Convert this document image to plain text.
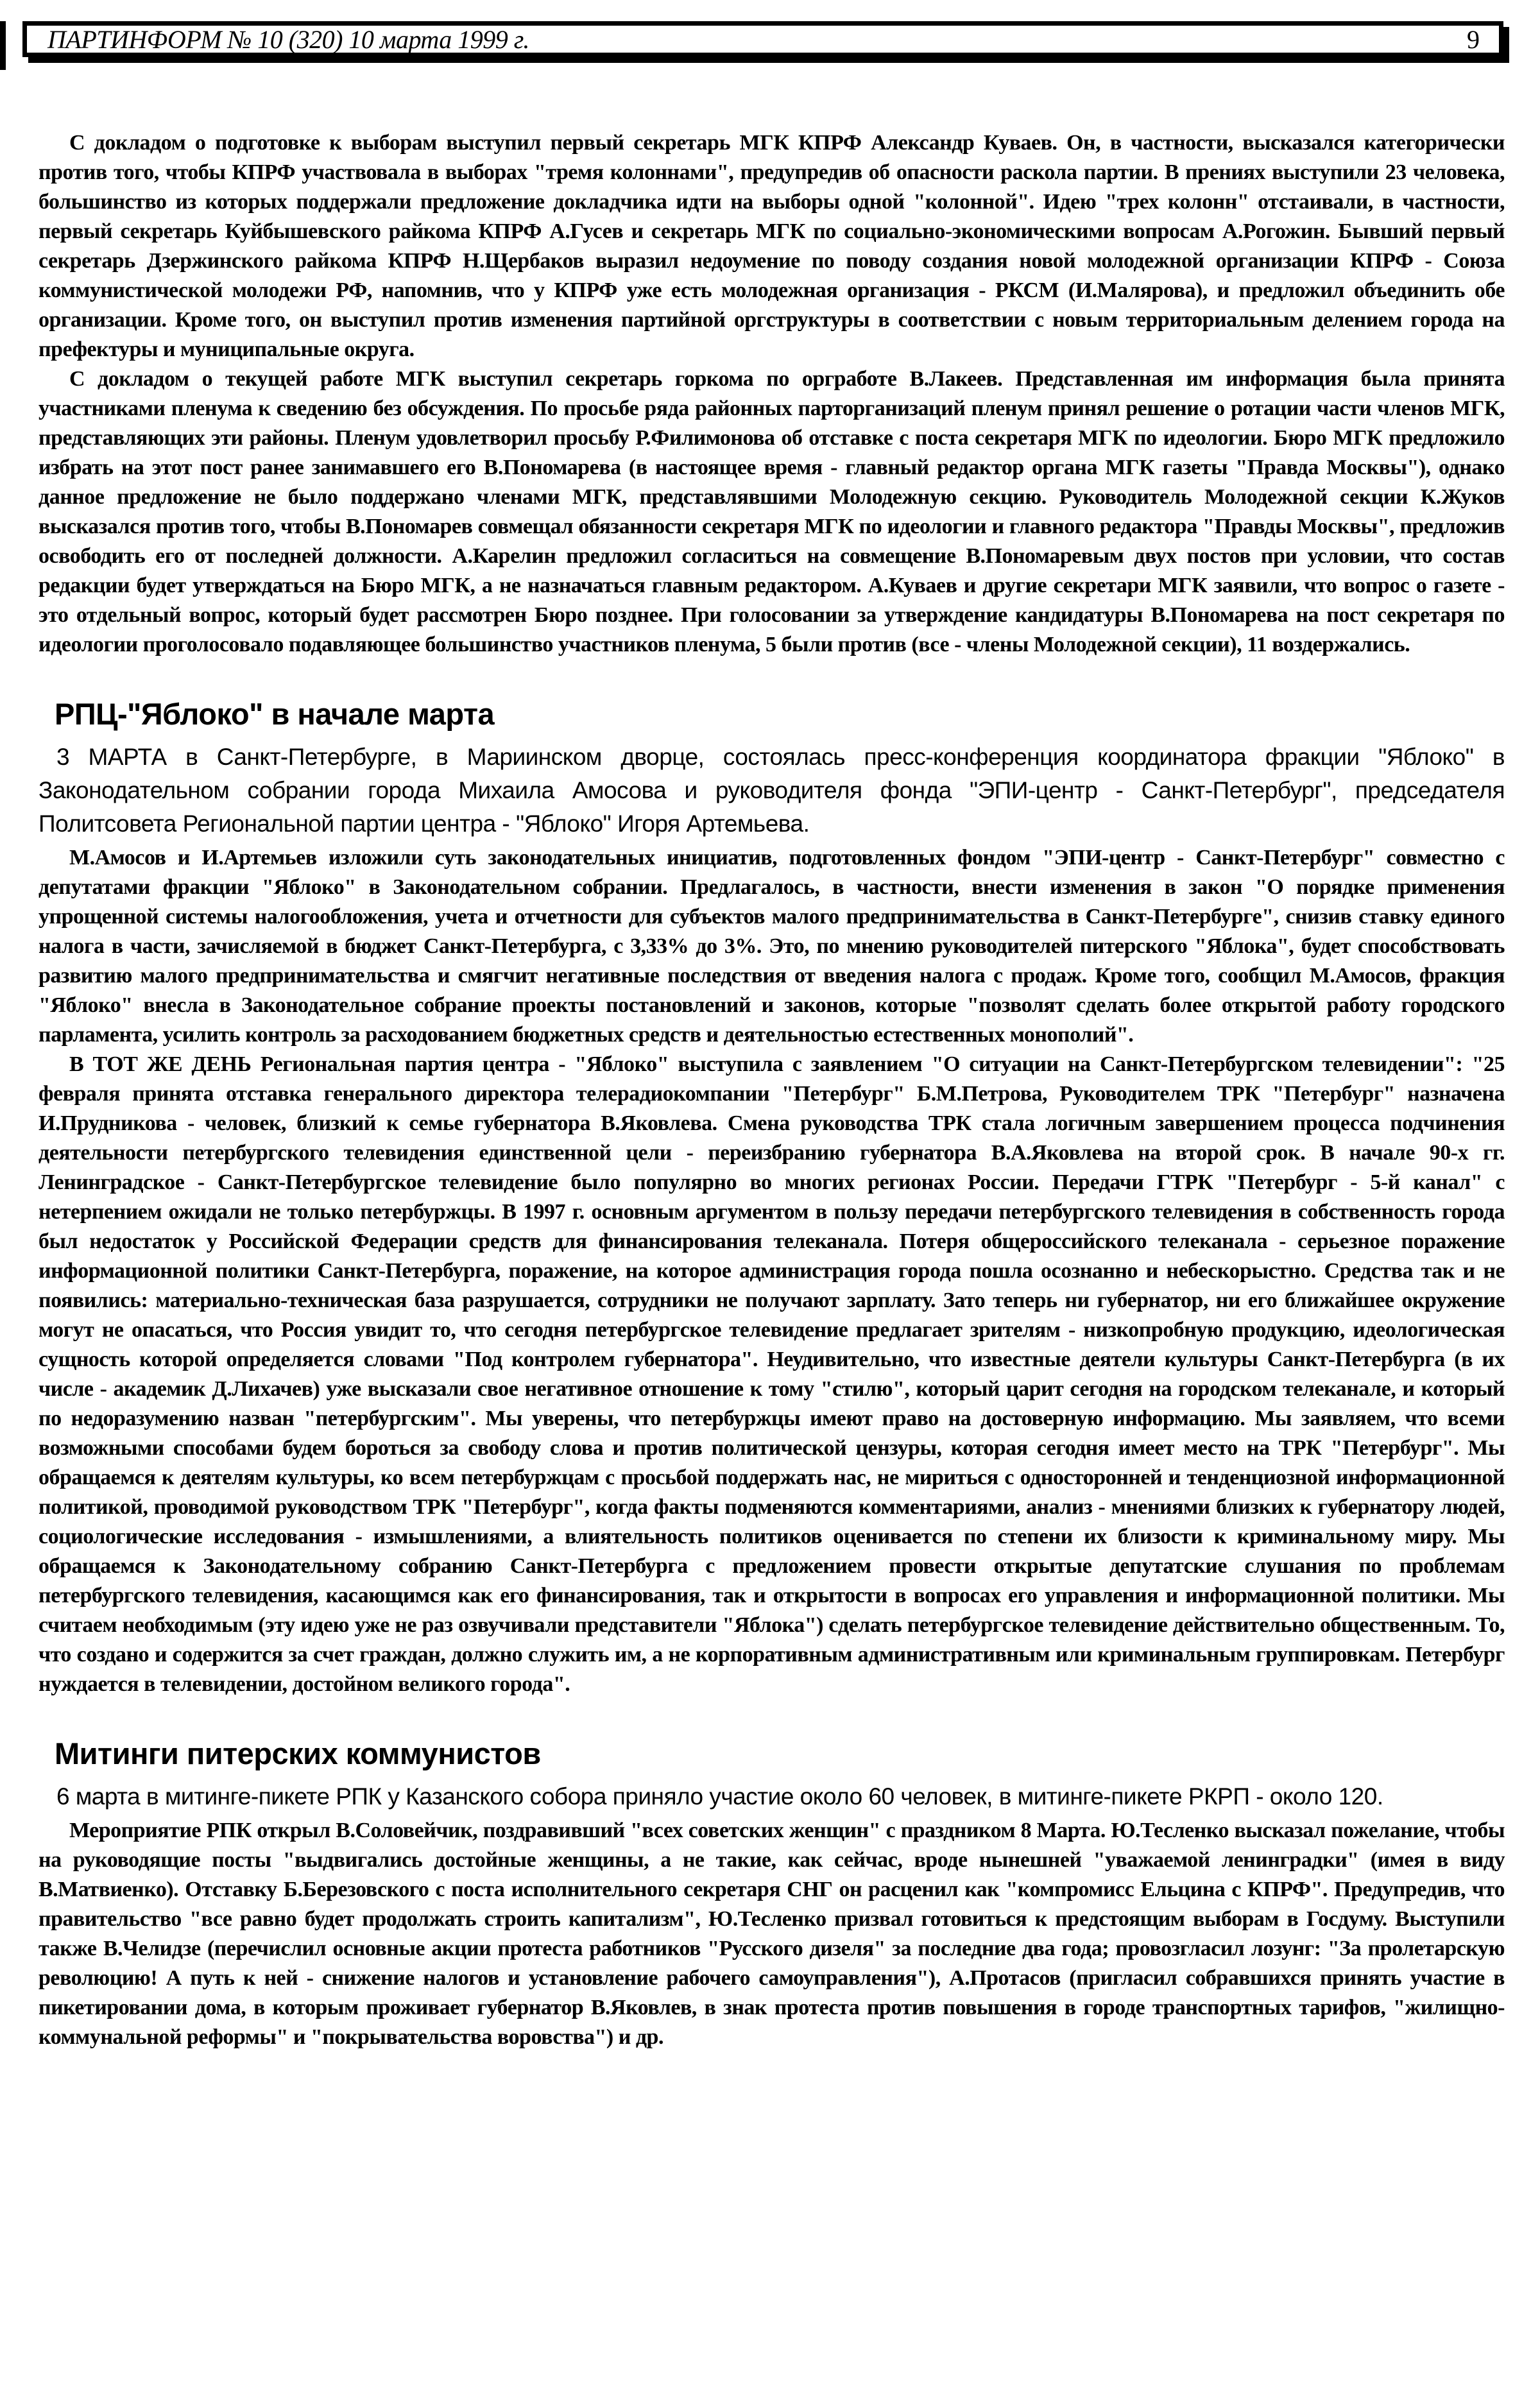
ПАРТИНФОРМ № 10 (320) 10 марта 1999 г.	9

С докладом о подготовке к выборам выступил первый секретарь МГК КПРФ Александр Куваев. Он, в частности, высказался категорически против того, чтобы КПРФ участвовала в выборах "тремя колоннами", предупредив об опасности раскола партии. В прениях выступили 23 человека, большинство из которых поддержали предложение докладчика идти на выборы одной "колонной". Идею "трех колонн" отстаивали, в частности, первый секретарь Куйбышевского райкома КПРФ А.Гусев и секретарь МГК по социально-экономическими вопросам А.Рогожин. Бывший первый секретарь Дзержинского райкома КПРФ Н.Щербаков выразил недоумение по поводу создания новой молодежной организации КПРФ - Союза коммунистической молодежи РФ, напомнив, что у КПРФ уже есть молодежная организация - РКСМ (И.Малярова), и предложил объединить обе организации. Кроме того, он выступил против изменения партийной оргструктуры в соответствии с новым территориальным делением города на префектуры и муниципальные округа.

С докладом о текущей работе МГК выступил секретарь горкома по оргработе В.Лакеев. Представленная им информация была принята участниками пленума к сведению без обсуждения. По просьбе ряда районных парторганизаций пленум принял решение о ротации части членов МГК, представляющих эти районы. Пленум удовлетворил просьбу Р.Филимонова об отставке с поста секретаря МГК по идеологии. Бюро МГК предложило избрать на этот пост ранее занимавшего его В.Пономарева (в настоящее время - главный редактор органа МГК газеты "Правда Москвы"), однако данное предложение не было поддержано членами МГК, представлявшими Молодежную секцию. Руководитель Молодежной секции К.Жуков высказался против того, чтобы В.Пономарев совмещал обязанности секретаря МГК по идеологии и главного редактора "Правды Москвы", предложив освободить его от последней должности. А.Карелин предложил согласиться на совмещение В.Пономаревым двух постов при условии, что состав редакции будет утверждаться на Бюро МГК, а не назначаться главным редактором. А.Куваев и другие секретари МГК заявили, что вопрос о газете - это отдельный вопрос, который будет рассмотрен Бюро позднее. При голосовании за утверждение кандидатуры В.Пономарева на пост секретаря по идеологии проголосовало подавляющее большинство участников пленума, 5 были против (все - члены Молодежной секции), 11 воздержались.

РПЦ-"Яблоко" в начале марта

3 МАРТА в Санкт-Петербурге, в Мариинском дворце, состоялась пресс-конференция координатора фракции "Яблоко" в Законодательном собрании города Михаила Амосова и руководителя фонда "ЭПИ-центр - Санкт-Петербург", председателя Политсовета Региональной партии центра - "Яблоко" Игоря Артемьева.

М.Амосов и И.Артемьев изложили суть законодательных инициатив, подготовленных фондом "ЭПИ-центр - Санкт-Петербург" совместно с депутатами фракции "Яблоко" в Законодательном собрании. Предлагалось, в частности, внести изменения в закон "О порядке применения упрощенной системы налогообложения, учета и отчетности для субъектов малого предпринимательства в Санкт-Петербурге", снизив ставку единого налога в части, зачисляемой в бюджет Санкт-Петербурга, с 3,33% до 3%. Это, по мнению руководителей питерского "Яблока", будет способствовать развитию малого предпринимательства и смягчит негативные последствия от введения налога с продаж. Кроме того, сообщил М.Амосов, фракция "Яблоко" внесла в Законодательное собрание проекты постановлений и законов, которые "позволят сделать более открытой работу городского парламента, усилить контроль за расходованием бюджетных средств и деятельностью естественных монополий".

В ТОТ ЖЕ ДЕНЬ Региональная партия центра - "Яблоко" выступила с заявлением "О ситуации на Санкт-Петербургском телевидении": "25 февраля принята отставка генерального директора телерадиокомпании "Петербург" Б.М.Петрова, Руководителем ТРК "Петербург" назначена И.Прудникова - человек, близкий к семье губернатора В.Яковлева. Смена руководства ТРК стала логичным завершением процесса подчинения деятельности петербургского телевидения единственной цели - переизбранию губернатора В.А.Яковлева на второй срок. В начале 90-х гг. Ленинградское - Санкт-Петербургское телевидение было популярно во многих регионах России. Передачи ГТРК "Петербург - 5-й канал" с нетерпением ожидали не только петербуржцы. В 1997 г. основным аргументом в пользу передачи петербургского телевидения в собственность города был недостаток у Российской Федерации средств для финансирования телеканала. Потеря общероссийского телеканала - серьезное поражение информационной политики Санкт-Петербурга, поражение, на которое администрация города пошла осознанно и небескорыстно. Средства так и не появились: материально-техническая база разрушается, сотрудники не получают зарплату. Зато теперь ни губернатор, ни его ближайшее окружение могут не опасаться, что Россия увидит то, что сегодня петербургское телевидение предлагает зрителям - низкопробную продукцию, идеологическая сущность которой определяется словами "Под контролем губернатора". Неудивительно, что известные деятели культуры Санкт-Петербурга (в их числе - академик Д.Лихачев) уже высказали свое негативное отношение к тому "стилю", который царит сегодня на городском телеканале, и который по недоразумению назван "петербургским". Мы уверены, что петербуржцы имеют право на достоверную информацию. Мы заявляем, что всеми возможными способами будем бороться за свободу слова и против политической цензуры, которая сегодня имеет место на ТРК "Петербург". Мы обращаемся к деятелям культуры, ко всем петербуржцам с просьбой поддержать нас, не мириться с односторонней и тенденциозной информационной политикой, проводимой руководством ТРК "Петербург", когда факты подменяются комментариями, анализ - мнениями близких к губернатору людей, социологические исследования - измышлениями, а влиятельность политиков оценивается по степени их близости к криминальному миру. Мы обращаемся к Законодательному собранию Санкт-Петербурга с предложением провести открытые депутатские слушания по проблемам петербургского телевидения, касающимся как его финансирования, так и открытости в вопросах его управления и информационной политики. Мы считаем необходимым (эту идею уже не раз озвучивали представители "Яблока") сделать петербургское телевидение действительно общественным. То, что создано и содержится за счет граждан, должно служить им, а не корпоративным административным или криминальным группировкам. Петербург нуждается в телевидении, достойном великого города".

Митинги питерских коммунистов

6 марта в митинге-пикете РПК у Казанского собора приняло участие около 60 человек, в митинге-пикете РКРП - около 120.

Мероприятие РПК открыл В.Соловейчик, поздравивший "всех советских женщин" с праздником 8 Марта. Ю.Тесленко высказал пожелание, чтобы на руководящие посты "выдвигались достойные женщины, а не такие, как сейчас, вроде нынешней "уважаемой ленинградки" (имея в виду В.Матвиенко). Отставку Б.Березовского с поста исполнительного секретаря СНГ он расценил как "компромисс Ельцина с КПРФ". Предупредив, что правительство "все равно будет продолжать строить капитализм", Ю.Тесленко призвал готовиться к предстоящим выборам в Госдуму. Выступили также В.Челидзе (перечислил основные акции протеста работников "Русского дизеля" за последние два года; провозгласил лозунг: "За пролетарскую революцию! А путь к ней - снижение налогов и установление рабочего самоуправления"), А.Протасов (пригласил собравшихся принять участие в пикетировании дома, в которым проживает губернатор В.Яковлев, в знак протеста против повышения в городе транспортных тарифов, "жилищно-коммунальной реформы" и "покрывательства воровства") и др.
